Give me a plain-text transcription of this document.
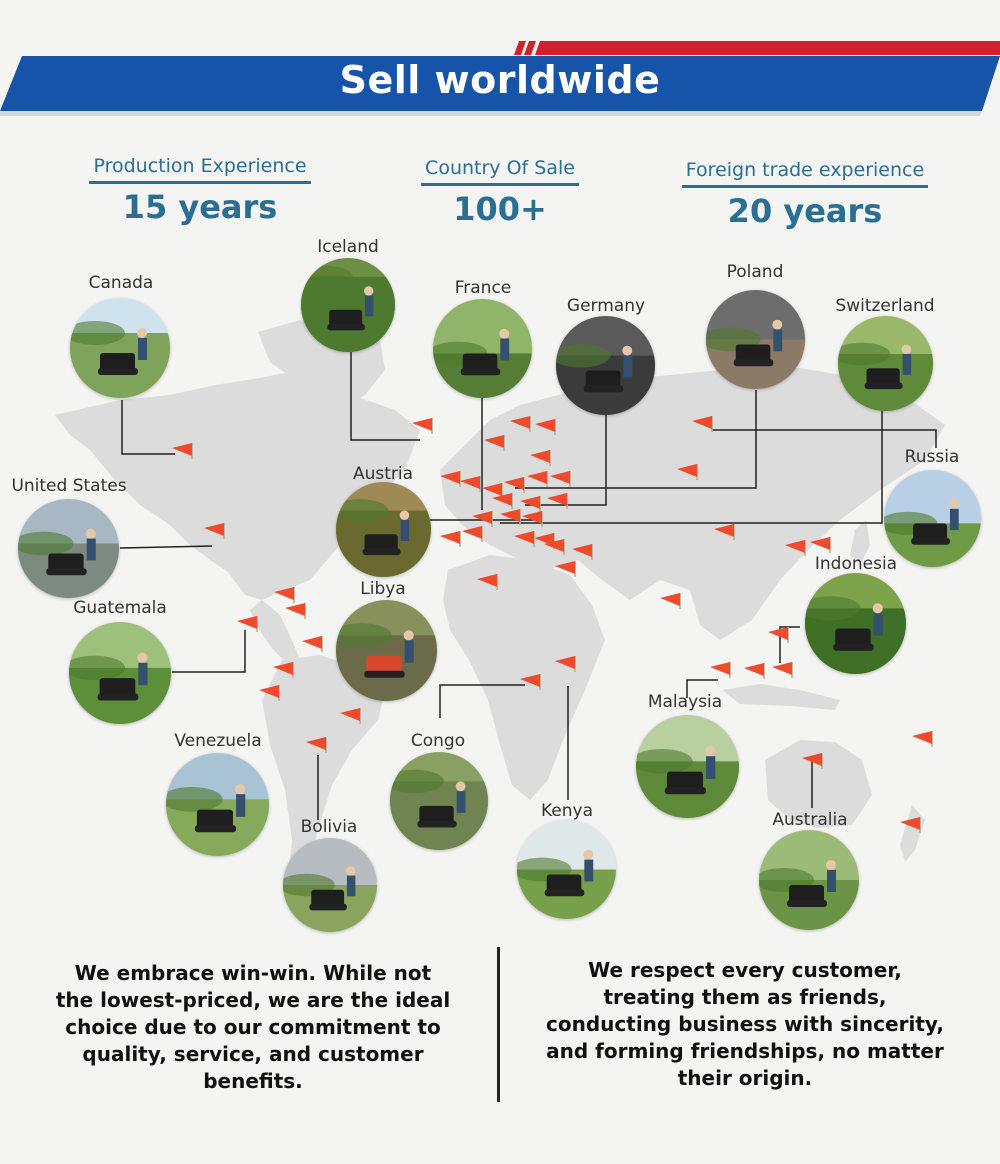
Sell worldwide
Production Experience
15 years
Country Of Sale
100+
Foreign trade experience
20 years
Canada
Iceland
France
Germany
Poland
Switzerland
Russia
United States
Austria
Indonesia
Guatemala
Libya
Malaysia
Venezuela	Congo
Kenya
Bolivia	Australia
We embrace win-win. While not the lowest-priced, we are the ideal choice due to our commitment to quality, service, and customer benefits.
We respect every customer, treating them as friends, conducting business with sincerity, and forming friendships, no matter their origin.
